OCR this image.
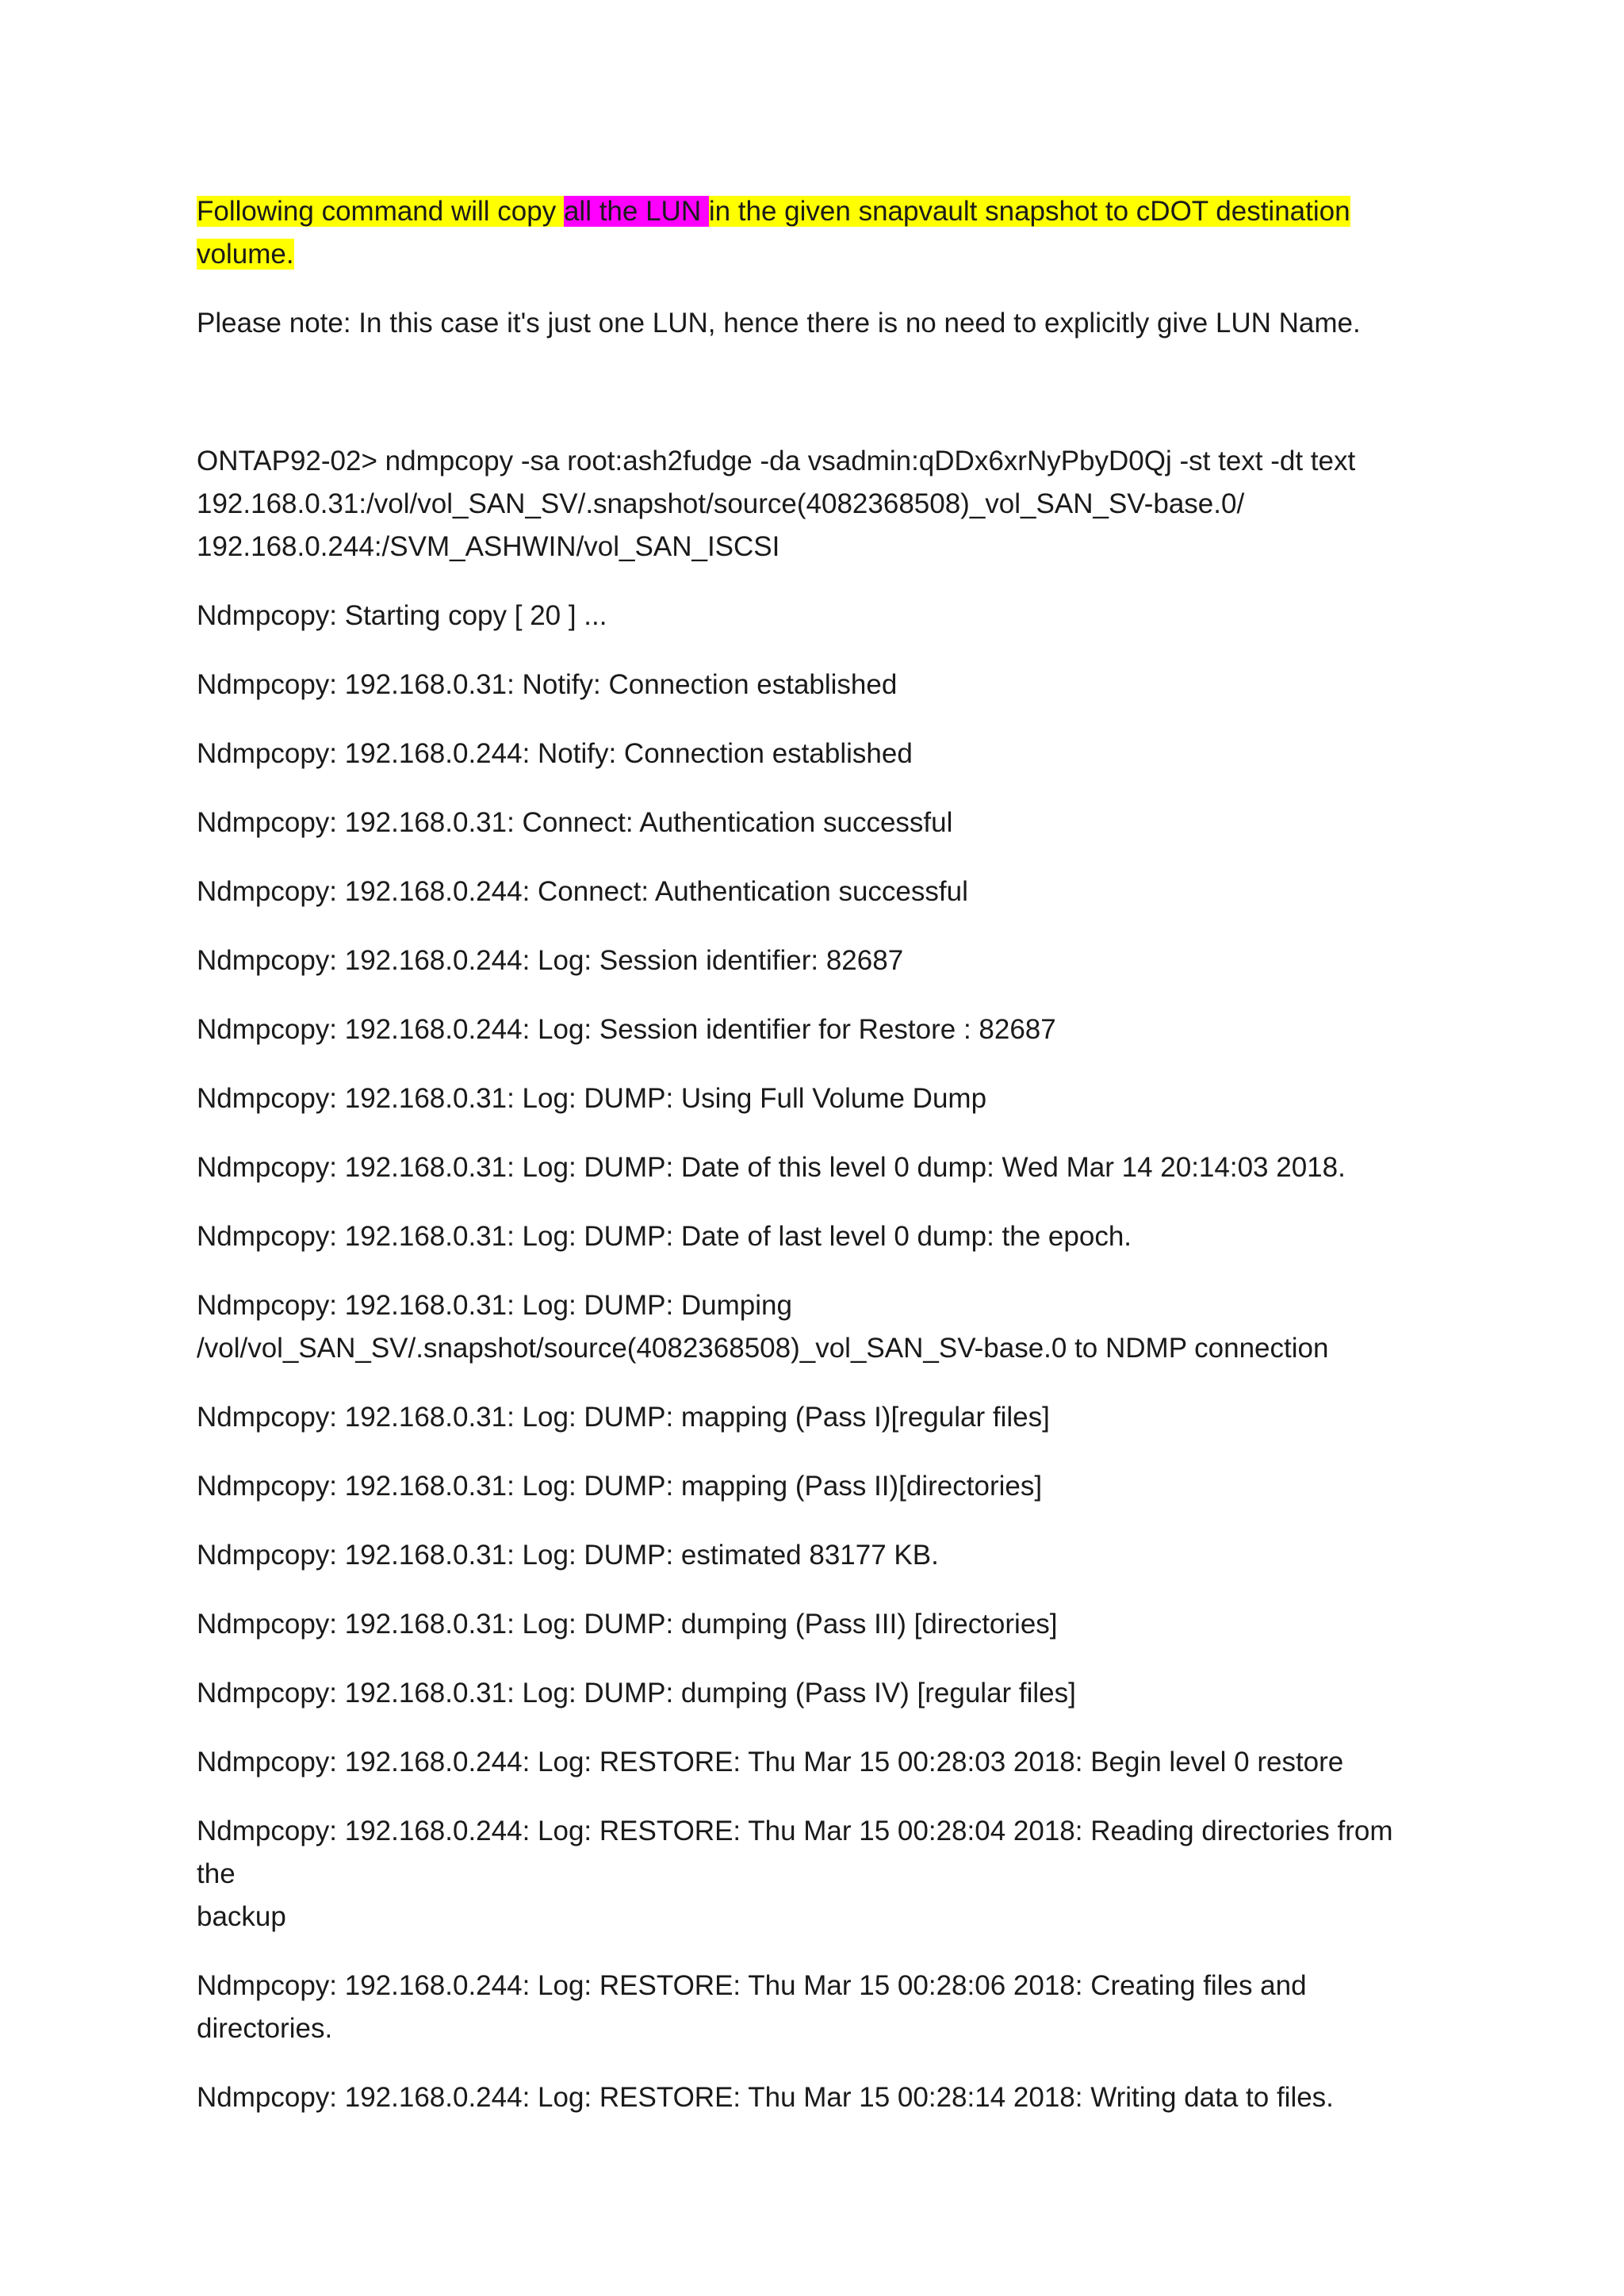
Following command will copy all the LUN in the given snapvault snapshot to cDOT destination
volume.

Please note: In this case it's just one LUN, hence there is no need to explicitly give LUN Name.

ONTAP92-02> ndmpcopy -sa root:ash2fudge -da vsadmin:qDDx6xrNyPbyD0Qj -st text -dt text
192.168.0.31:/vol/vol_SAN_SV/.snapshot/source(4082368508)_vol_SAN_SV-base.0/
192.168.0.244:/SVM_ASHWIN/vol_SAN_ISCSI

Ndmpcopy: Starting copy [ 20 ] ...

Ndmpcopy: 192.168.0.31: Notify: Connection established

Ndmpcopy: 192.168.0.244: Notify: Connection established

Ndmpcopy: 192.168.0.31: Connect: Authentication successful

Ndmpcopy: 192.168.0.244: Connect: Authentication successful

Ndmpcopy: 192.168.0.244: Log: Session identifier: 82687

Ndmpcopy: 192.168.0.244: Log: Session identifier for Restore : 82687

Ndmpcopy: 192.168.0.31: Log: DUMP: Using Full Volume Dump

Ndmpcopy: 192.168.0.31: Log: DUMP: Date of this level 0 dump: Wed Mar 14 20:14:03 2018.

Ndmpcopy: 192.168.0.31: Log: DUMP: Date of last level 0 dump: the epoch.

Ndmpcopy: 192.168.0.31: Log: DUMP: Dumping
/vol/vol_SAN_SV/.snapshot/source(4082368508)_vol_SAN_SV-base.0 to NDMP connection

Ndmpcopy: 192.168.0.31: Log: DUMP: mapping (Pass I)[regular files]

Ndmpcopy: 192.168.0.31: Log: DUMP: mapping (Pass II)[directories]

Ndmpcopy: 192.168.0.31: Log: DUMP: estimated 83177 KB.

Ndmpcopy: 192.168.0.31: Log: DUMP: dumping (Pass III) [directories]

Ndmpcopy: 192.168.0.31: Log: DUMP: dumping (Pass IV) [regular files]

Ndmpcopy: 192.168.0.244: Log: RESTORE: Thu Mar 15 00:28:03 2018: Begin level 0 restore

Ndmpcopy: 192.168.0.244: Log: RESTORE: Thu Mar 15 00:28:04 2018: Reading directories from the
backup

Ndmpcopy: 192.168.0.244: Log: RESTORE: Thu Mar 15 00:28:06 2018: Creating files and directories.

Ndmpcopy: 192.168.0.244: Log: RESTORE: Thu Mar 15 00:28:14 2018: Writing data to files.
